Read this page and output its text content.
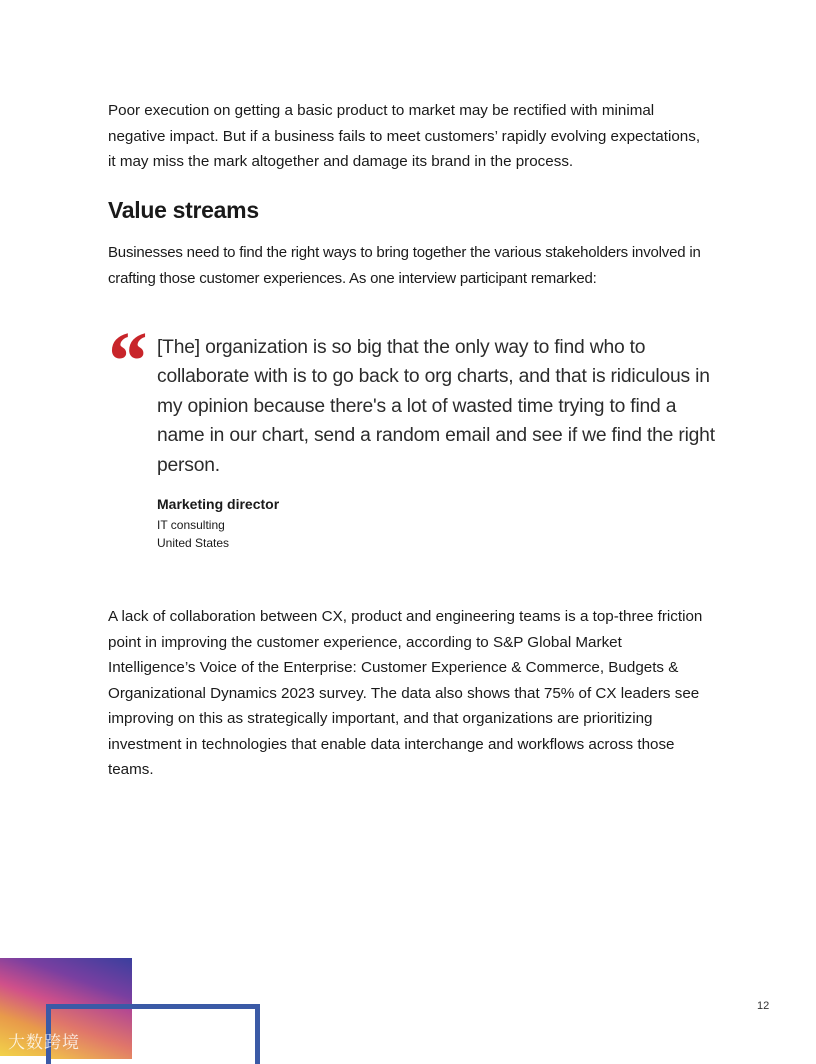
Poor execution on getting a basic product to market may be rectified with minimal negative impact. But if a business fails to meet customers’ rapidly evolving expectations, it may miss the mark altogether and damage its brand in the process.

Value streams

Businesses need to find the right ways to bring together the various stakeholders involved in crafting those customer experiences. As one interview participant remarked:

“ [The] organization is so big that the only way to find who to collaborate with is to go back to org charts, and that is ridiculous in my opinion because there's a lot of wasted time trying to find a name in our chart, send a random email and see if we find the right person.

Marketing director

IT consulting

United States

A lack of collaboration between CX, product and engineering teams is a top-three friction point in improving the customer experience, according to S&P Global Market Intelligence’s Voice of the Enterprise: Customer Experience & Commerce, Budgets & Organizational Dynamics 2023 survey. The data also shows that 75% of CX leaders see improving on this as strategically important, and that organizations are prioritizing investment in technologies that enable data interchange and workflows across those teams.

12
大数跨境
